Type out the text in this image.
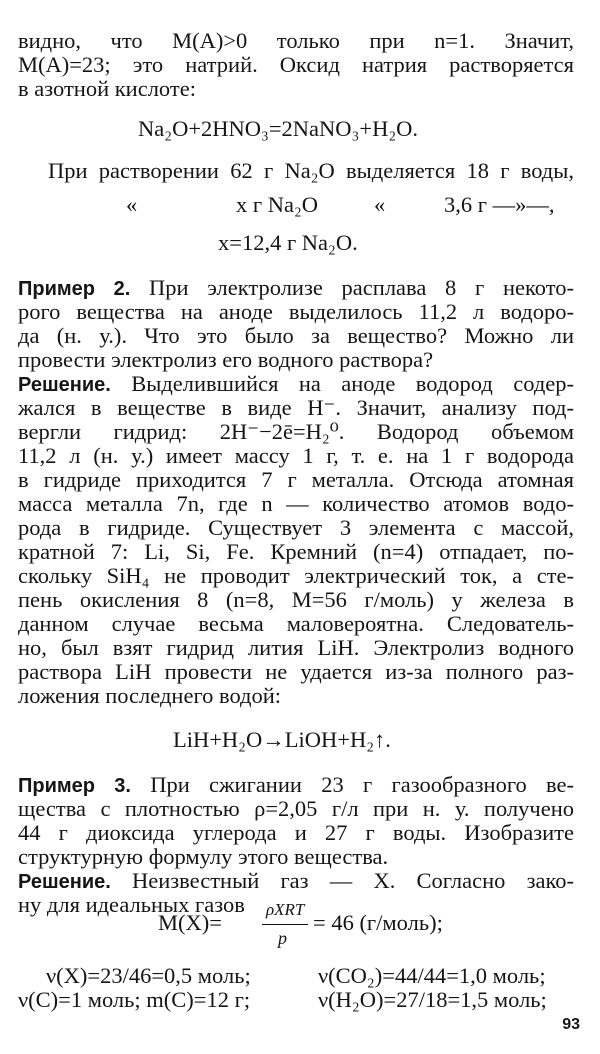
видно, что M(A)>0 только при n=1. Значит,
M(A)=23; это натрий. Оксид натрия растворяется
в азотной кислоте:
Na₂O+2HNO₃=2NaNO₃+H₂O.
При растворении 62 г Na₂O выделяется 18 г воды,
«	x г Na₂O «	3,6 г —»—,
x=12,4 г Na₂O.
Пример 2. При электролизе расплава 8 г некото-
рого вещества на аноде выделилось 11,2 л водоро-
да (н. у.). Что это было за вещество? Можно ли
провести электролиз его водного раствора?
Решение. Выделившийся на аноде водород содер-
жался в веществе в виде H⁻. Значит, анализу под-
вергли гидрид: 2H⁻−2ē=H₂⁰. Водород объемом
11,2 л (н. у.) имеет массу 1 г, т. е. на 1 г водорода
в гидриде приходится 7 г металла. Отсюда атомная
масса металла 7n, где n — количество атомов водо-
рода в гидриде. Существует 3 элемента с массой,
кратной 7: Li, Si, Fe. Кремний (n=4) отпадает, по-
скольку SiH₄ не проводит электрический ток, а сте-
пень окисления 8 (n=8, M=56 г/моль) у железа в
данном случае весьма маловероятна. Следователь-
но, был взят гидрид лития LiH. Электролиз водного
раствора LiH провести не удается из-за полного раз-
ложения последнего водой:
LiH+H₂O→LiOH+H₂↑.
Пример 3. При сжигании 23 г газообразного ве-
щества с плотностью ρ=2,05 г/л при н. у. получено
44 г диоксида углерода и 27 г воды. Изобразите
структурную формулу этого вещества.
Решение. Неизвестный газ — X. Согласно зако-
ну для идеальных газов
M(X)=
ρXRT
p
= 46 (г/моль);
ν(X)=23/46=0,5 моль;	ν(CO₂)=44/44=1,0 моль;
ν(C)=1 моль; m(C)=12 г;	ν(H₂O)=27/18=1,5 моль;
93
